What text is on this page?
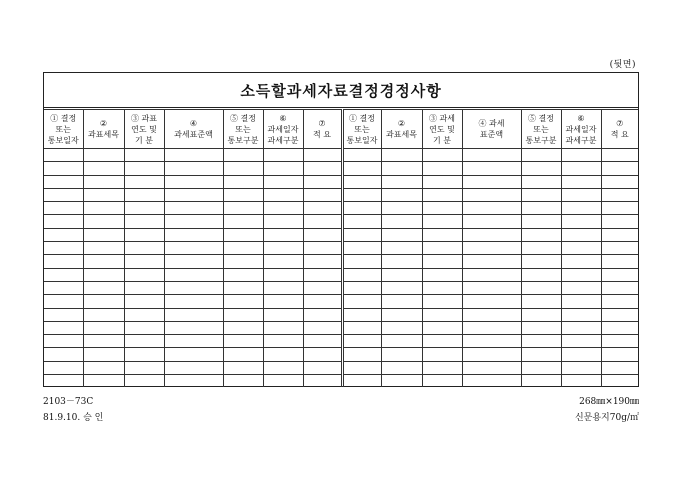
(뒷면)
소득할과세자료결정경정사항
① 결정
또는
통보일자	②
과표세목	③ 과표
연도 및
기 분	④
과세표준액	⑤ 결정
또는
통보구분	⑥
과세일자
과세구분	⑦
적 요	① 결정
또는
통보일자	②
과표세목	③ 과세
연도 및
기 분	④ 과세
표준액	⑤ 결정
또는
통보구분	⑥
과세일자
과세구분	⑦
적 요

2103－73C
81.9.10. 승 인
268㎜×190㎜
신문용지70g/㎡
